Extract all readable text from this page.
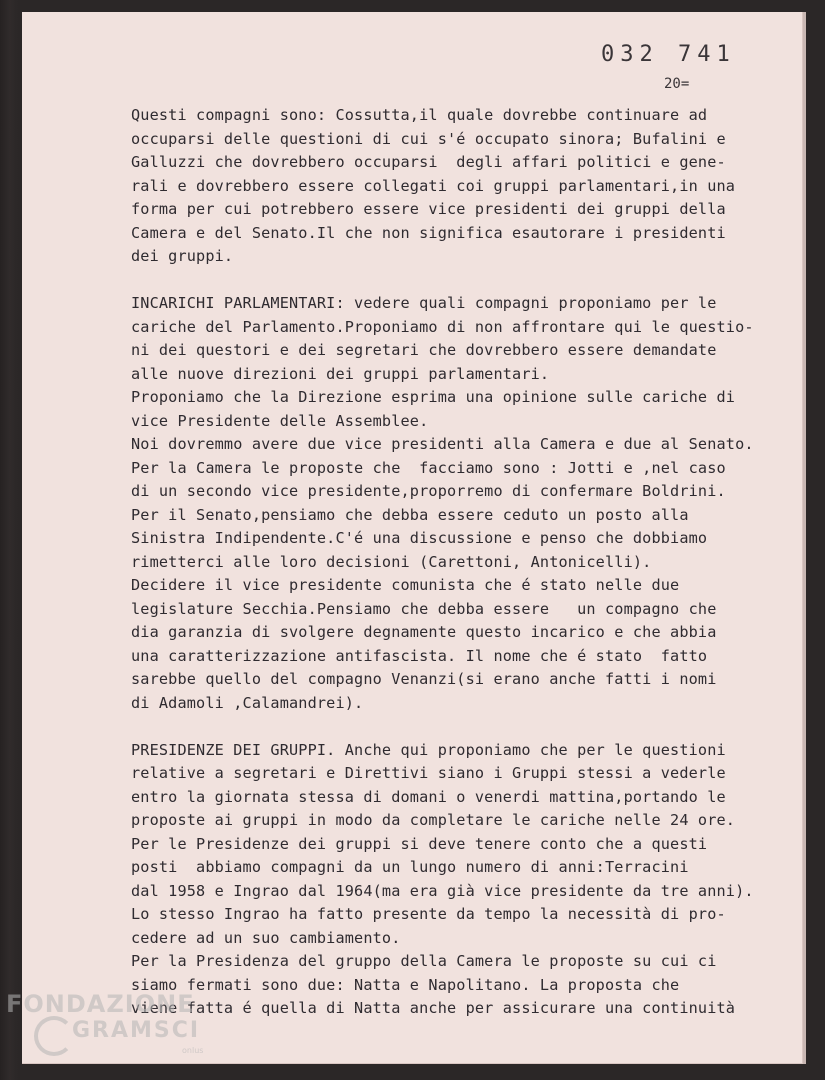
032 741
20=
Questi compagni sono: Cossutta,il quale dovrebbe continuare ad
occuparsi delle questioni di cui s'é occupato sinora; Bufalini e
Galluzzi che dovrebbero occuparsi  degli affari politici e gene-
rali e dovrebbero essere collegati coi gruppi parlamentari,in una
forma per cui potrebbero essere vice presidenti dei gruppi della
Camera e del Senato.Il che non significa esautorare i presidenti
dei gruppi.
INCARICHI PARLAMENTARI: vedere quali compagni proponiamo per le
cariche del Parlamento.Proponiamo di non affrontare qui le questio-
ni dei questori e dei segretari che dovrebbero essere demandate
alle nuove direzioni dei gruppi parlamentari.
Proponiamo che la Direzione esprima una opinione sulle cariche di
vice Presidente delle Assemblee.
Noi dovremmo avere due vice presidenti alla Camera e due al Senato.
Per la Camera le proposte che  facciamo sono : Jotti e ,nel caso
di un secondo vice presidente,proporremo di confermare Boldrini.
Per il Senato,pensiamo che debba essere ceduto un posto alla
Sinistra Indipendente.C'é una discussione e penso che dobbiamo
rimetterci alle loro decisioni (Carettoni, Antonicelli).
Decidere il vice presidente comunista che é stato nelle due
legislature Secchia.Pensiamo che debba essere   un compagno che
dia garanzia di svolgere degnamente questo incarico e che abbia
una caratterizzazione antifascista. Il nome che é stato  fatto
sarebbe quello del compagno Venanzi(si erano anche fatti i nomi
di Adamoli ,Calamandrei).
PRESIDENZE DEI GRUPPI. Anche qui proponiamo che per le questioni
relative a segretari e Direttivi siano i Gruppi stessi a vederle
entro la giornata stessa di domani o venerdi mattina,portando le
proposte ai gruppi in modo da completare le cariche nelle 24 ore.
Per le Presidenze dei gruppi si deve tenere conto che a questi
posti  abbiamo compagni da un lungo numero di anni:Terracini
dal 1958 e Ingrao dal 1964(ma era già vice presidente da tre anni).
Lo stesso Ingrao ha fatto presente da tempo la necessità di pro-
cedere ad un suo cambiamento.
Per la Presidenza del gruppo della Camera le proposte su cui ci
siamo fermati sono due: Natta e Napolitano. La proposta che
viene fatta é quella di Natta anche per assicurare una continuità
FONDAZIONE
GRAMSCI
onlus
